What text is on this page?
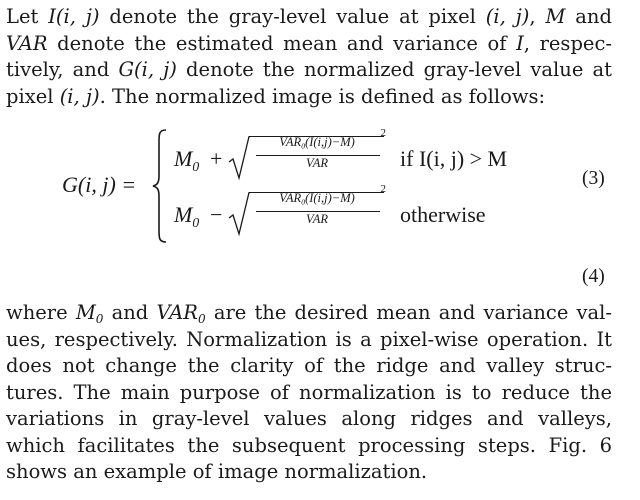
Let I(i, j) denote the gray-level value at pixel (i, j), M and
VAR denote the estimated mean and variance of I, respec-
tively, and G(i, j) denote the normalized gray-level value at
pixel (i, j). The normalized image is defined as follows:
G(i, j) =
$M_0$ +
$VAR_0(I(i,j)-M)$
2
VAR	if I(i, j) > M
$M_0$ −
$VAR_0(I(i,j)-M)$
2
VAR	otherwise
(3)
(4)
where $M_0$ and $VAR_0$ are the desired mean and variance val-
ues, respectively. Normalization is a pixel-wise operation. It
does not change the clarity of the ridge and valley struc-
tures. The main purpose of normalization is to reduce the
variations in gray-level values along ridges and valleys,
which facilitates the subsequent processing steps. Fig. 6
shows an example of image normalization.
